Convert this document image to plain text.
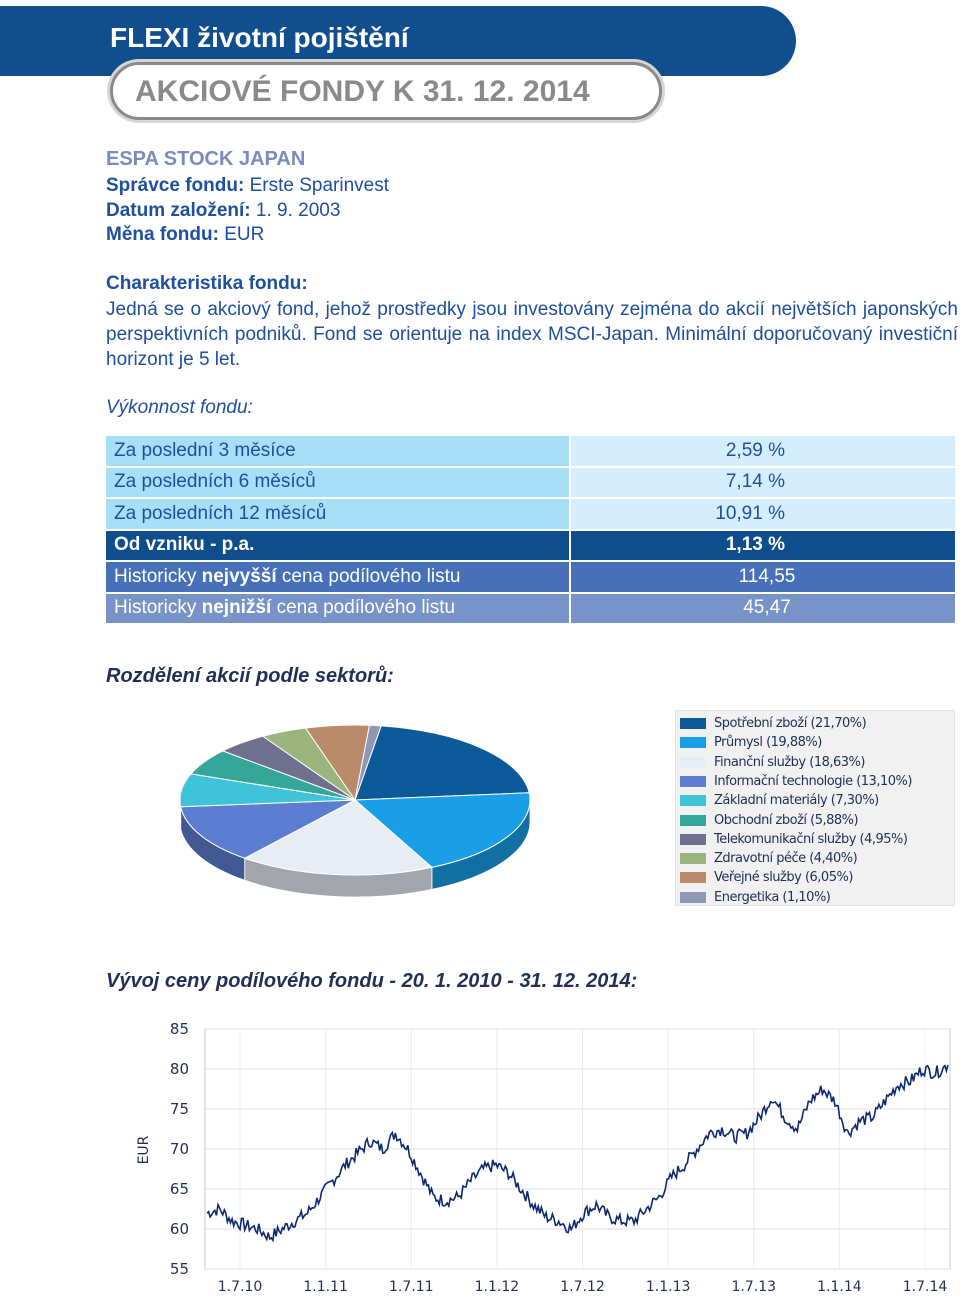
FLEXI životní pojištění
AKCIOVÉ FONDY K 31. 12. 2014
ESPA STOCK JAPAN
Správce fondu: Erste Sparinvest
Datum založení: 1. 9. 2003
Měna fondu: EUR
Charakteristika fondu:
Jedná se o akciový fond, jehož prostředky jsou investovány zejména do akcií největších japonských perspektivních podniků. Fond se orientuje na index MSCI-Japan. Minimální doporučovaný investiční horizont je 5 let.
Výkonnost fondu:
Za poslední 3 měsíce	2,59 %
Za posledních 6 měsíců	7,14 %
Za posledních 12 měsíců	10,91 %
Od vzniku - p.a.	1,13 %
Historicky nejvyšší cena podílového listu	114,55
Historicky nejnižší cena podílového listu	45,47
Rozdělení akcií podle sektorů:
Spotřební zboží (21,70%)
Průmysl (19,88%)
Finanční služby (18,63%)
Informační technologie (13,10%)
Základní materiály (7,30%)
Obchodní zboží (5,88%)
Telekomunikační služby (4,95%)
Zdravotní péče (4,40%)
Veřejné služby (6,05%)
Energetika (1,10%)
Vývoj ceny podílového fondu - 20. 1. 2010 - 31. 12. 2014:
85
80
75
70
65
60
55
1.7.10	1.1.11	1.7.11	1.1.12	1.7.12	1.1.13	1.7.13	1.1.14	1.7.14
EUR
